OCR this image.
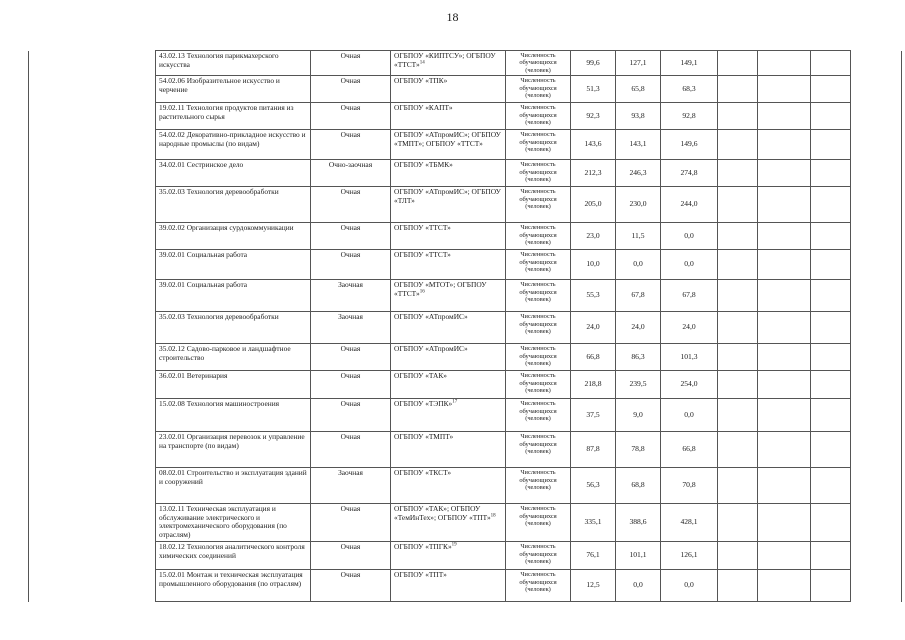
18
	43.02.13 Технология парикмахерского искусства	Очная	ОГБПОУ «КИПТСУ»; ОГБПОУ «ТТСТ»$^{14}$	Численность обучающихся (человек)	99,6	127,1	149,1				
	54.02.06 Изобразительное искусство и черчение	Очная	ОГБПОУ «ТПК»	Численность обучающихся (человек)	51,3	65,8	68,3				
	19.02.11 Технология продуктов питания из растительного сырья	Очная	ОГБПОУ «КАПТ»	Численность обучающихся (человек)	92,3	93,8	92,8				
	54.02.02 Декоративно-прикладное искусство и народные промыслы (по видам)	Очная	ОГБПОУ «АТпромИС»; ОГБПОУ «ТМПТ»; ОГБПОУ «ТТСТ»	Численность обучающихся (человек)	143,6	143,1	149,6				
	34.02.01 Сестринское дело	Очно-заочная	ОГБПОУ «ТБМК»	Численность обучающихся (человек)	212,3	246,3	274,8				
	35.02.03 Технология деревообработки	Очная	ОГБПОУ «АТпромИС»; ОГБПОУ «ТЛТ»	Численность обучающихся (человек)	205,0	230,0	244,0				
	39.02.02 Организация сурдокоммуникации	Очная	ОГБПОУ «ТТСТ»	Численность обучающихся (человек)	23,0	11,5	0,0				
	39.02.01 Социальная работа	Очная	ОГБПОУ «ТТСТ»	Численность обучающихся (человек)	10,0	0,0	0,0				
	39.02.01 Социальная работа	Заочная	ОГБПОУ «МТОТ»; ОГБПОУ «ТТСТ»$^{16}$	Численность обучающихся (человек)	55,3	67,8	67,8				
	35.02.03 Технология деревообработки	Заочная	ОГБПОУ «АТпромИС»	Численность обучающихся (человек)	24,0	24,0	24,0				
	35.02.12 Садово-парковое и ландшафтное строительство	Очная	ОГБПОУ «АТпромИС»	Численность обучающихся (человек)	66,8	86,3	101,3				
	36.02.01 Ветеринария	Очная	ОГБПОУ «ТАК»	Численность обучающихся (человек)	218,8	239,5	254,0				
	15.02.08 Технология машиностроения	Очная	ОГБПОУ «ТЭПК»$^{17}$	Численность обучающихся (человек)	37,5	9,0	0,0				
	23.02.01 Организация перевозок и управление на транспорте (по видам)	Очная	ОГБПОУ «ТМПТ»	Численность обучающихся (человек)	87,8	78,8	66,8				
	08.02.01 Строительство и эксплуатация зданий и сооружений	Заочная	ОГБПОУ «ТКСТ»	Численность обучающихся (человек)	56,3	68,8	70,8				
	13.02.11 Техническая эксплуатация и обслуживание электрического и электромеханического оборудования (по отраслям)	Очная	ОГБПОУ «ТАК»; ОГБПОУ «ТемИнТех»; ОГБПОУ «ТПТ»$^{18}$	Численность обучающихся (человек)	335,1	388,6	428,1				
	18.02.12 Технология аналитического контроля химических соединений	Очная	ОГБПОУ «ТПГК»$^{19}$	Численность обучающихся (человек)	76,1	101,1	126,1				
	15.02.01 Монтаж и техническая эксплуатация промышленного оборудования (по отраслям)	Очная	ОГБПОУ «ТПТ»	Численность обучающихся (человек)	12,5	0,0	0,0				
